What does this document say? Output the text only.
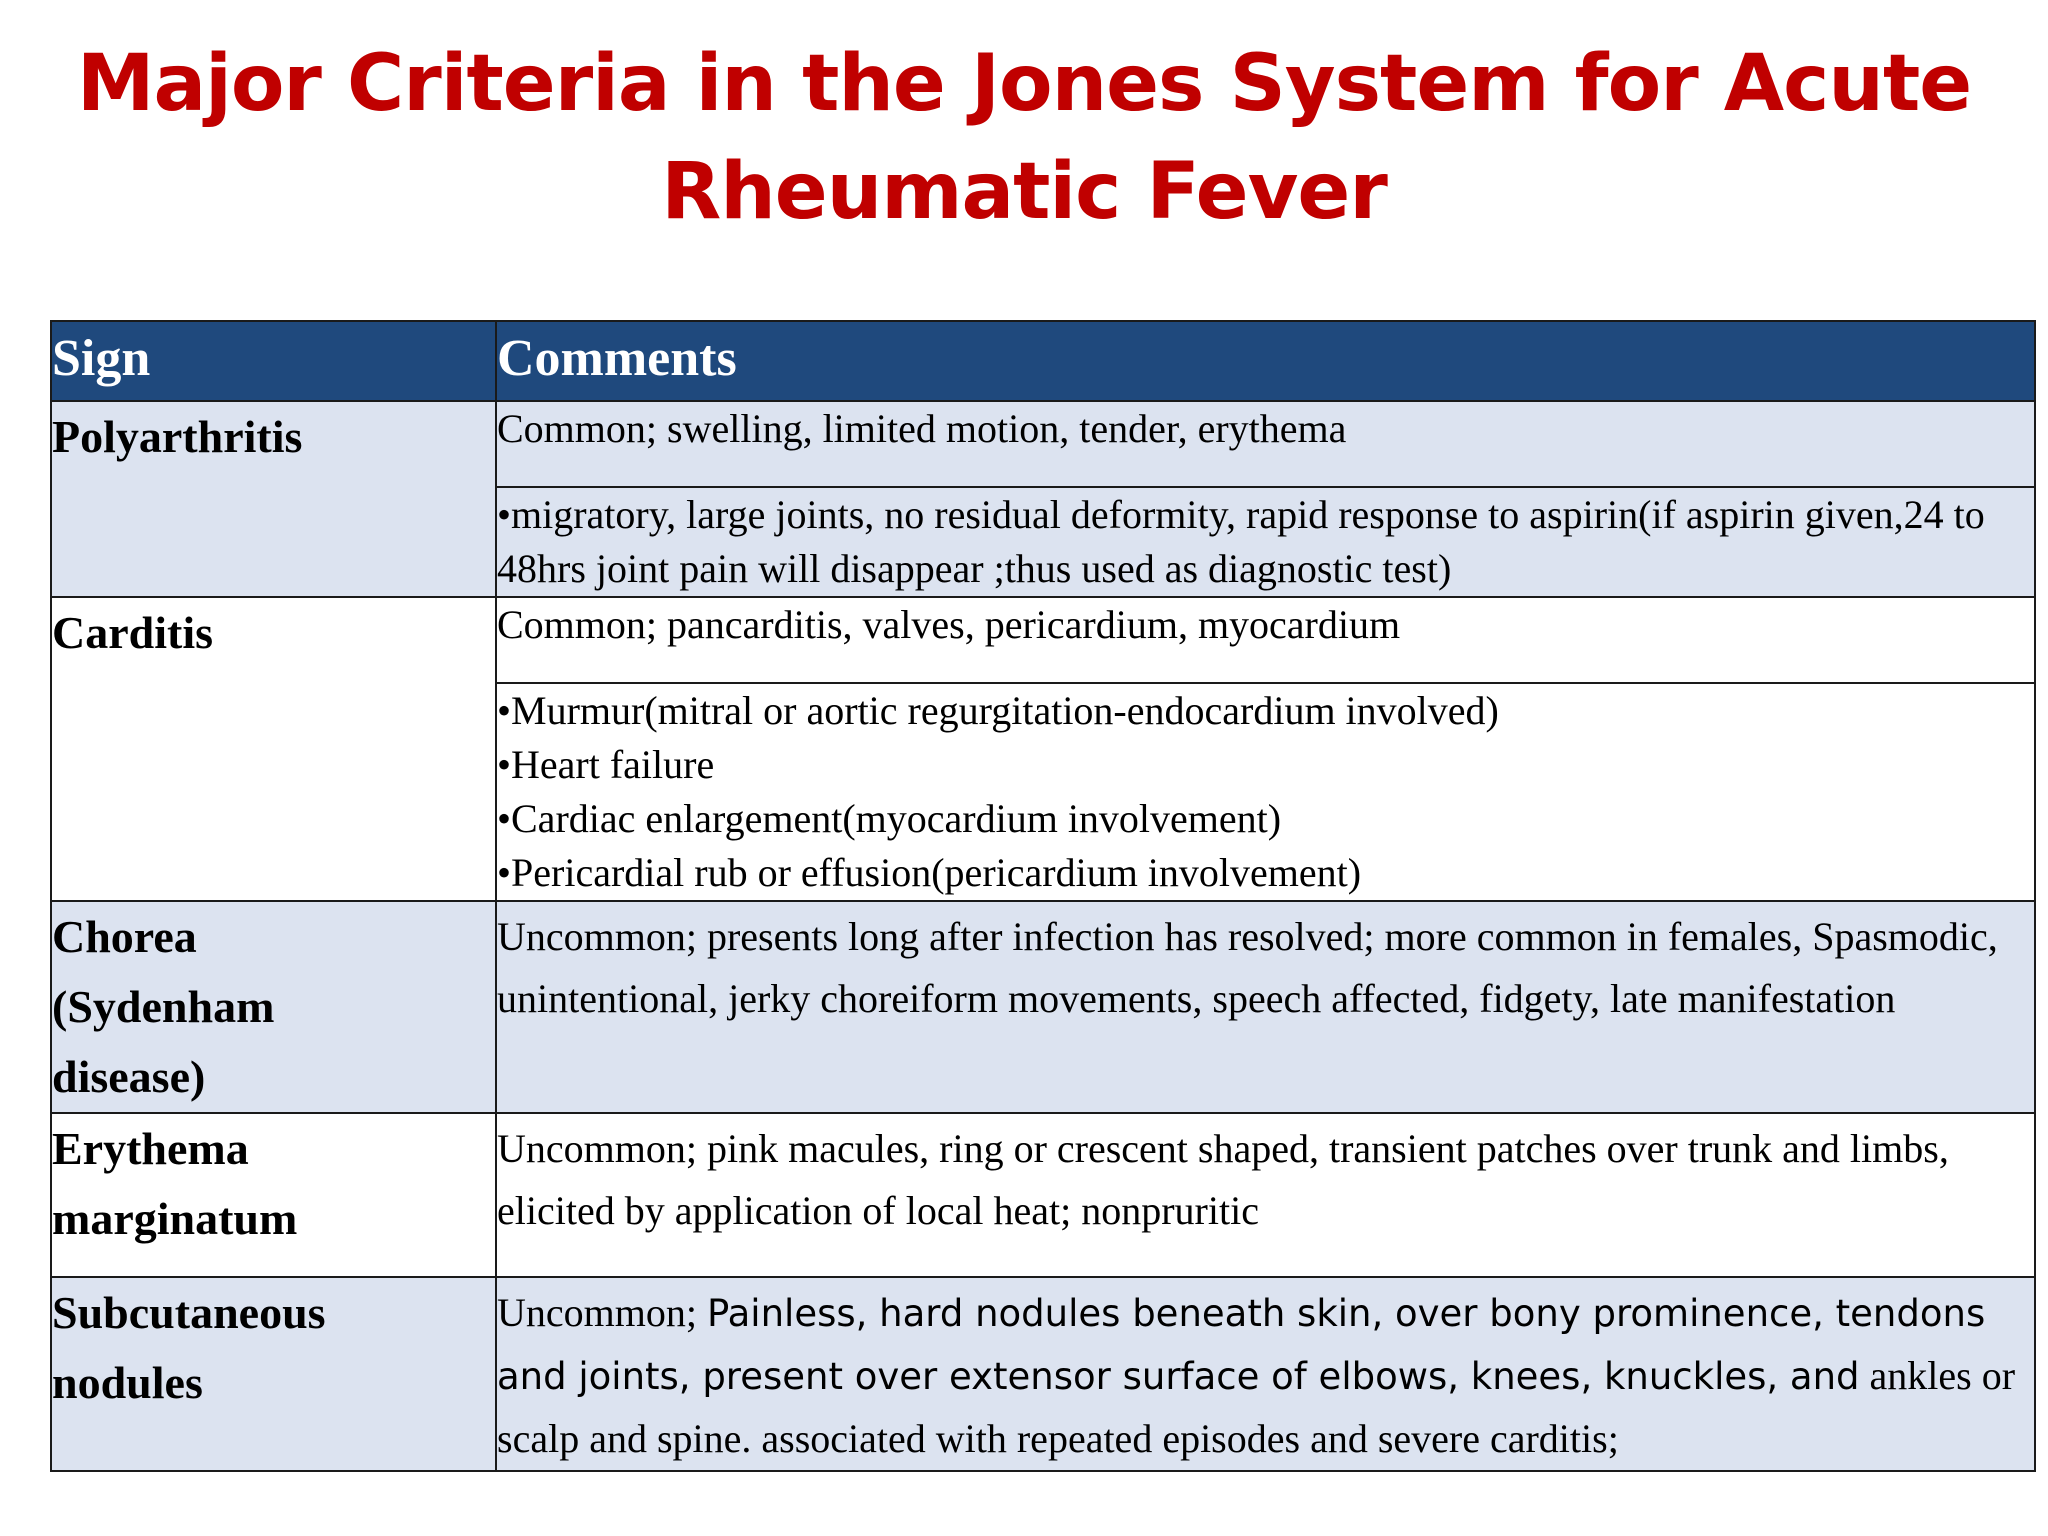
Major Criteria in the Jones System for Acute
Rheumatic Fever
Sign	Comments
Polyarthritis	Common; swelling, limited motion, tender, erythema
	•migratory, large joints, no residual deformity, rapid response to aspirin(if aspirin given,24 to 48hrs joint pain will disappear ;thus used as diagnostic test)
Carditis	Common; pancarditis, valves, pericardium, myocardium

	•Murmur(mitral or aortic regurgitation-endocardium involved)
•Heart failure
•Cardiac enlargement(myocardium involvement)
•Pericardial rub or effusion(pericardium involvement)

Chorea
(Sydenham
disease)	Uncommon; presents long after infection has resolved; more common in females, Spasmodic, unintentional, jerky choreiform movements, speech affected, fidgety, late manifestation

Erythema
marginatum	Uncommon; pink macules, ring or crescent shaped, transient patches over trunk and limbs, elicited by application of local heat; nonpruritic

Subcutaneous
nodules	Uncommon; Painless, hard nodules beneath skin, over bony prominence, tendons and joints, present over extensor surface of elbows, knees, knuckles, and ankles or scalp and spine. associated with repeated episodes and severe carditis;
